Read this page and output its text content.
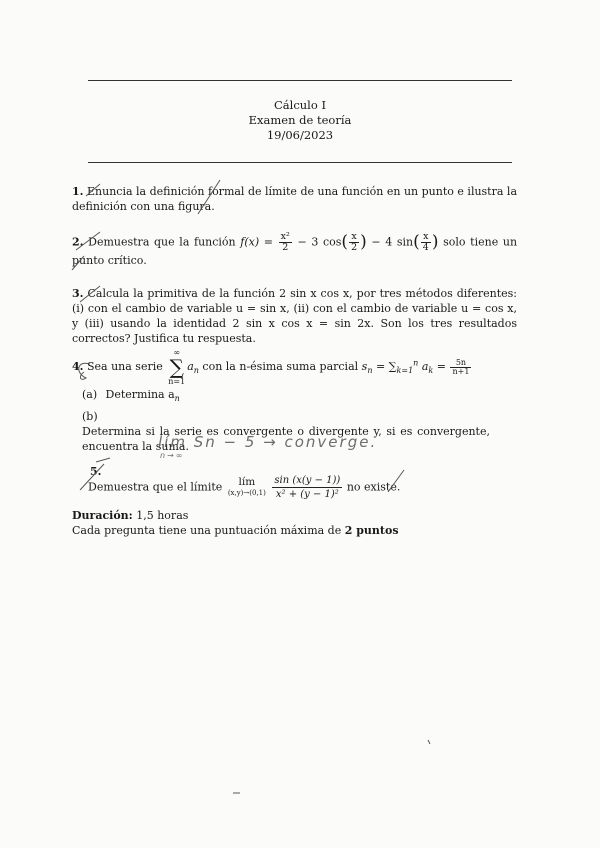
Cálculo I
Examen de teoría
19/06/2023
1. Enuncia la definición formal de límite de una función en un punto e ilustra la definición con una figura.
2. Demuestra que la función $f(x) = \frac{\text{x²}}{2} - 3$ $\cos( \frac{x}{2}$ ) − 4 $\sin( \frac{x}{4}$ ) solo tiene un punto crítico.
3. Calcula la primitiva de la función 2 sin x cos x, por tres métodos diferentes: (i) con el cambio de variable u = sin x, (ii) con el cambio de variable u = cos x, y (iii) usando la identidad 2 sin x cos x = sin 2x. Son los tres resultados correctos? Justifica tu respuesta.
4. Sea una serie ∞
∑
$n=1a_n$ con la n-ésima suma parcial $s_n = \sum_{k=1}^n$ $a_k = \frac{5n}{n+1}$
(a) Determina $a_n$
(b) Determina si la serie es convergente o divergente y, si es convergente, encuentra la suma.
lím Sn − 5 → converge.
n→∞
5.
Demuestra que el límite lím
(x,y)→(0,1)
$\frac{\sin (x(y - 1))}{\text{x² + (y − 1)²}}$ no existe.
Duración: 1,5 horas
Cada pregunta tiene una puntuación máxima de 2 puntos
